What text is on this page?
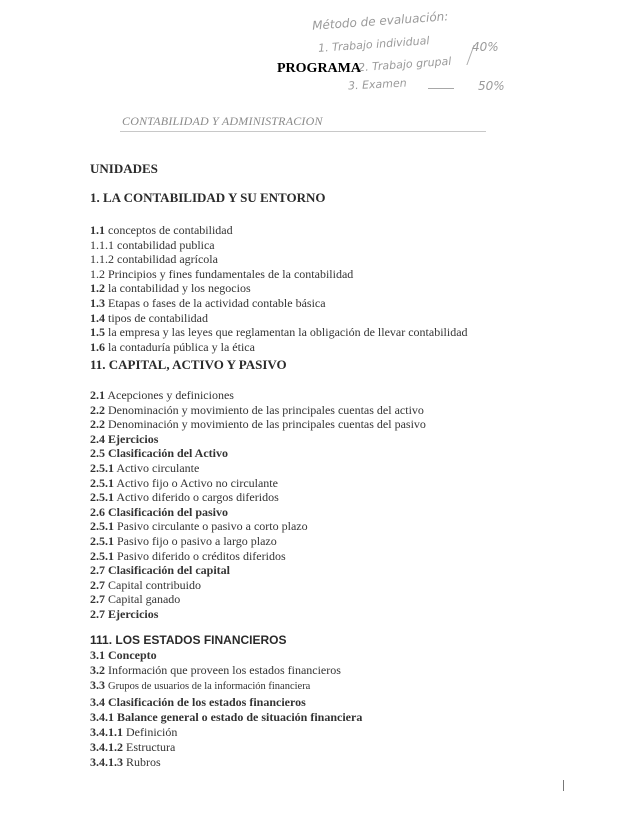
Método de evaluación:
1. Trabajo individual
2. Trabajo grupal
3. Examen
40%
50%
PROGRAMA
CONTABILIDAD Y ADMINISTRACION
UNIDADES
1. LA CONTABILIDAD Y SU ENTORNO
1.1 conceptos de contabilidad
1.1.1 contabilidad publica
1.1.2 contabilidad agrícola
1.2 Principios y fines fundamentales de la contabilidad
1.2 la contabilidad y los negocios
1.3 Etapas o fases de la actividad contable básica
1.4 tipos de contabilidad
1.5 la empresa y las leyes que reglamentan la obligación de llevar contabilidad
1.6 la contaduría pública y la ética
11. CAPITAL, ACTIVO Y PASIVO
2.1 Acepciones y definiciones
2.2 Denominación y movimiento de las principales cuentas del activo
2.2 Denominación y movimiento de las principales cuentas del pasivo
2.4 Ejercicios
2.5 Clasificación del Activo
2.5.1 Activo circulante
2.5.1 Activo fijo o Activo no circulante
2.5.1 Activo diferido o cargos diferidos
2.6 Clasificación del pasivo
2.5.1 Pasivo circulante o pasivo a corto plazo
2.5.1 Pasivo fijo o pasivo a largo plazo
2.5.1 Pasivo diferido o créditos diferidos
2.7 Clasificación del capital
2.7 Capital contribuido
2.7 Capital ganado
2.7 Ejercicios
111. LOS ESTADOS FINANCIEROS
3.1 Concepto
3.2 Información que proveen los estados financieros
3.3 Grupos de usuarios de la información financiera
3.4 Clasificación de los estados financieros
3.4.1 Balance general o estado de situación financiera
3.4.1.1 Definición
3.4.1.2 Estructura
3.4.1.3 Rubros
